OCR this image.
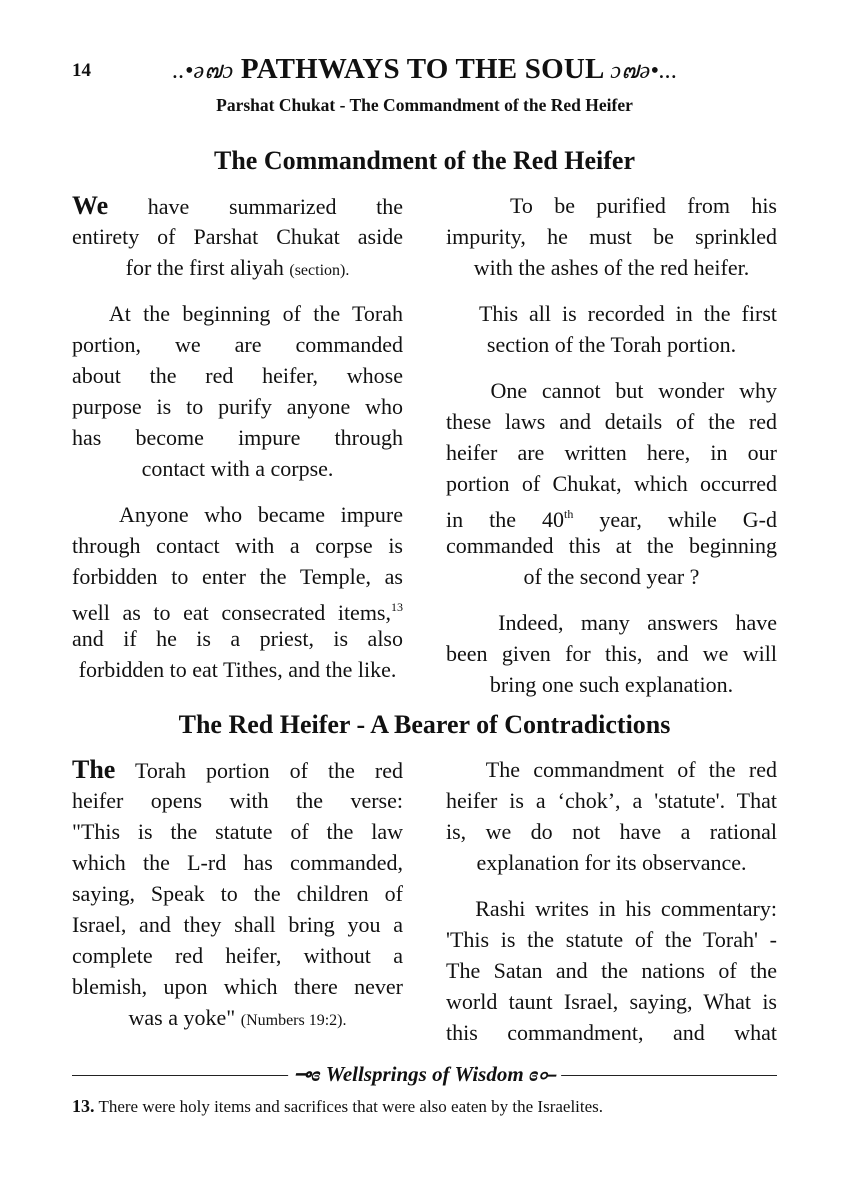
14	..•ə๗ɔ PATHWAYS TO THE SOUL ɔ๗ə•...
Parshat Chukat - The Commandment of the Red Heifer
The Commandment of the Red Heifer
We have summarized the
entirety of Parshat Chukat aside
for the first aliyah (section).
At the beginning of the Torah
portion, we are commanded
about the red heifer, whose
purpose is to purify anyone who
has become impure through
contact with a corpse.
Anyone who became impure
through contact with a corpse is
forbidden to enter the Temple, as
well as to eat consecrated items,$^{13}$
and if he is a priest, is also
forbidden to eat Tithes, and the like.
To be purified from his
impurity, he must be sprinkled
with the ashes of the red heifer.
This all is recorded in the first
section of the Torah portion.
One cannot but wonder why
these laws and details of the red
heifer are written here, in our
portion of Chukat, which occurred
in the 40th year, while G-d
commanded this at the beginning
of the second year ?
Indeed, many answers have
been given for this, and we will
bring one such explanation.
The Red Heifer - A Bearer of Contradictions
The Torah portion of the red
heifer opens with the verse:
"This is the statute of the law
which the L-rd has commanded,
saying, Speak to the children of
Israel, and they shall bring you a
complete red heifer, without a
blemish, upon which there never
was a yoke" (Numbers 19:2).
The commandment of the red
heifer is a ‘chok’, a 'statute'. That
is, we do not have a rational
explanation for its observance.
Rashi writes in his commentary:
'This is the statute of the Torah' -
The Satan and the nations of the
world taunt Israel, saying, What is
this commandment, and what
⊸ɞ Wellsprings of Wisdom ɞ⟜
13. There were holy items and sacrifices that were also eaten by the Israelites.
